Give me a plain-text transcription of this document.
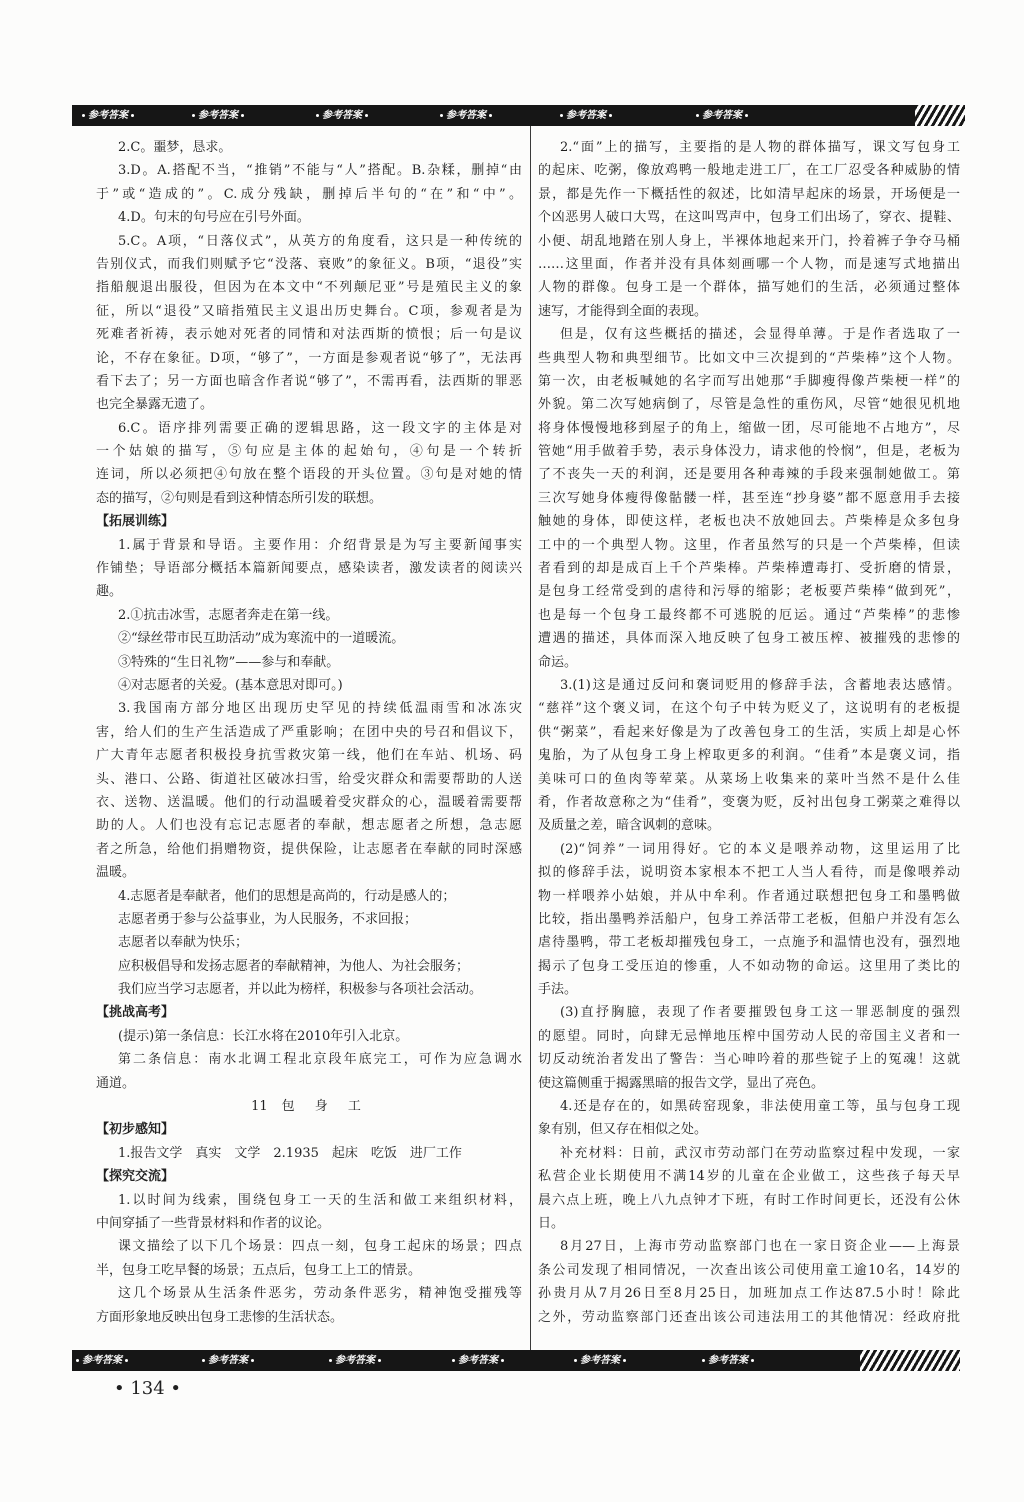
参考答案	参考答案	参考答案	参考答案	参考答案	参考答案
2.C。噩梦，恳求。
3.D。A.搭配不当，“推销”不能与“人”搭配。B.杂糅，删掉“由
于”或“造成的”。C.成分残缺，删掉后半句的“在”和“中”。
4.D。句末的句号应在引号外面。
5.C。A项，“日落仪式”，从英方的角度看，这只是一种传统的
告别仪式，而我们则赋予它“没落、衰败”的象征义。B项，“退役”实
指船舰退出服役，但因为在本文中“不列颠尼亚”号是殖民主义的象
征，所以“退役”又暗指殖民主义退出历史舞台。C项，参观者是为
死难者祈祷，表示她对死者的同情和对法西斯的愤恨；后一句是议
论，不存在象征。D项，“够了”，一方面是参观者说“够了”，无法再
看下去了；另一方面也暗含作者说“够了”，不需再看，法西斯的罪恶
也完全暴露无遗了。
6.C。语序排列需要正确的逻辑思路，这一段文字的主体是对
一个姑娘的描写，⑤句应是主体的起始句，④句是一个转折
连词，所以必须把④句放在整个语段的开头位置。③句是对她的情
态的描写，②句则是看到这种情态所引发的联想。
【拓展训练】
1.属于背景和导语。主要作用：介绍背景是为写主要新闻事实
作铺垫；导语部分概括本篇新闻要点，感染读者，激发读者的阅读兴
趣。
2.①抗击冰雪，志愿者奔走在第一线。
②“绿丝带市民互助活动”成为寒流中的一道暖流。
③特殊的“生日礼物”——参与和奉献。
④对志愿者的关爱。(基本意思对即可。)
3.我国南方部分地区出现历史罕见的持续低温雨雪和冰冻灾
害，给人们的生产生活造成了严重影响；在团中央的号召和倡议下，
广大青年志愿者积极投身抗雪救灾第一线，他们在车站、机场、码
头、港口、公路、街道社区破冰扫雪，给受灾群众和需要帮助的人送
衣、送物、送温暖。他们的行动温暖着受灾群众的心，温暖着需要帮
助的人。人们也没有忘记志愿者的奉献，想志愿者之所想，急志愿
者之所急，给他们捐赠物资，提供保险，让志愿者在奉献的同时深感
温暖。
4.志愿者是奉献者，他们的思想是高尚的，行动是感人的；
志愿者勇于参与公益事业，为人民服务，不求回报；
志愿者以奉献为快乐；
应积极倡导和发扬志愿者的奉献精神，为他人、为社会服务；
我们应当学习志愿者，并以此为榜样，积极参与各项社会活动。
【挑战高考】
(提示)第一条信息：长江水将在2010年引入北京。
第二条信息：南水北调工程北京段年底完工，可作为应急调水
通道。
11 包 身 工
【初步感知】
1.报告文学　真实　文学　2.1935　起床　吃饭　进厂工作
【探究交流】
1.以时间为线索，围绕包身工一天的生活和做工来组织材料，
中间穿插了一些背景材料和作者的议论。
课文描绘了以下几个场景：四点一刻，包身工起床的场景；四点
半，包身工吃早餐的场景；五点后，包身工上工的情景。
这几个场景从生活条件恶劣，劳动条件恶劣，精神饱受摧残等
方面形象地反映出包身工悲惨的生活状态。
2.“面”上的描写，主要指的是人物的群体描写，课文写包身工
的起床、吃粥，像放鸡鸭一般地走进工厂，在工厂忍受各种威胁的情
景，都是先作一下概括性的叙述，比如清早起床的场景，开场便是一
个凶恶男人破口大骂，在这叫骂声中，包身工们出场了，穿衣、提鞋、
小便、胡乱地踏在别人身上，半裸体地起来开门，拎着裤子争夺马桶
……这里面，作者并没有具体刻画哪一个人物，而是速写式地描出
人物的群像。包身工是一个群体，描写她们的生活，必须通过整体
速写，才能得到全面的表现。
但是，仅有这些概括的描述，会显得单薄。于是作者选取了一
些典型人物和典型细节。比如文中三次提到的“芦柴棒”这个人物。
第一次，由老板喊她的名字而写出她那“手脚瘦得像芦柴梗一样”的
外貌。第二次写她病倒了，尽管是急性的重伤风，尽管“她很见机地
将身体慢慢地移到屋子的角上，缩做一团，尽可能地不占地方”，尽
管她“用手做着手势，表示身体没力，请求他的怜悯”，但是，老板为
了不丧失一天的利润，还是要用各种毒辣的手段来强制她做工。第
三次写她身体瘦得像骷髅一样，甚至连“抄身婆”都不愿意用手去接
触她的身体，即使这样，老板也决不放她回去。芦柴棒是众多包身
工中的一个典型人物。这里，作者虽然写的只是一个芦柴棒，但读
者看到的却是成百上千个芦柴棒。芦柴棒遭毒打、受折磨的情景，
是包身工经常受到的虐待和污辱的缩影；老板要芦柴棒“做到死”，
也是每一个包身工最终都不可逃脱的厄运。通过“芦柴棒”的悲惨
遭遇的描述，具体而深入地反映了包身工被压榨、被摧残的悲惨的
命运。
3.(1)这是通过反问和褒词贬用的修辞手法，含蓄地表达感情。
“慈祥”这个褒义词，在这个句子中转为贬义了，这说明有的老板提
供“粥菜”，看起来好像是为了改善包身工的生活，实质上却是心怀
鬼胎，为了从包身工身上榨取更多的利润。“佳肴”本是褒义词，指
美味可口的鱼肉等荤菜。从菜场上收集来的菜叶当然不是什么佳
肴，作者故意称之为“佳肴”，变褒为贬，反衬出包身工粥菜之难得以
及质量之差，暗含讽刺的意味。
(2)“饲养”一词用得好。它的本义是喂养动物，这里运用了比
拟的修辞手法，说明资本家根本不把工人当人看待，而是像喂养动
物一样喂养小姑娘，并从中牟利。作者通过联想把包身工和墨鸭做
比较，指出墨鸭养活船户，包身工养活带工老板，但船户并没有怎么
虐待墨鸭，带工老板却摧残包身工，一点施予和温情也没有，强烈地
揭示了包身工受压迫的惨重，人不如动物的命运。这里用了类比的
手法。
(3)直抒胸臆，表现了作者要摧毁包身工这一罪恶制度的强烈
的愿望。同时，向肆无忌惮地压榨中国劳动人民的帝国主义者和一
切反动统治者发出了警告：当心呻吟着的那些锭子上的冤魂！这就
使这篇侧重于揭露黑暗的报告文学，显出了亮色。
4.还是存在的，如黑砖窑现象，非法使用童工等，虽与包身工现
象有别，但又存在相似之处。
补充材料：日前，武汉市劳动部门在劳动监察过程中发现，一家
私营企业长期使用不满14岁的儿童在企业做工，这些孩子每天早
晨六点上班，晚上八九点钟才下班，有时工作时间更长，还没有公休
日。
8月27日，上海市劳动监察部门也在一家日资企业——上海景
条公司发现了相同情况，一次查出该公司使用童工逾10名，14岁的
孙贵月从7月26日至8月25日，加班加点工作达87.5小时！除此
之外，劳动监察部门还查出该公司违法用工的其他情况：经政府批
参考答案	参考答案	参考答案	参考答案	参考答案	参考答案
• 134 •
